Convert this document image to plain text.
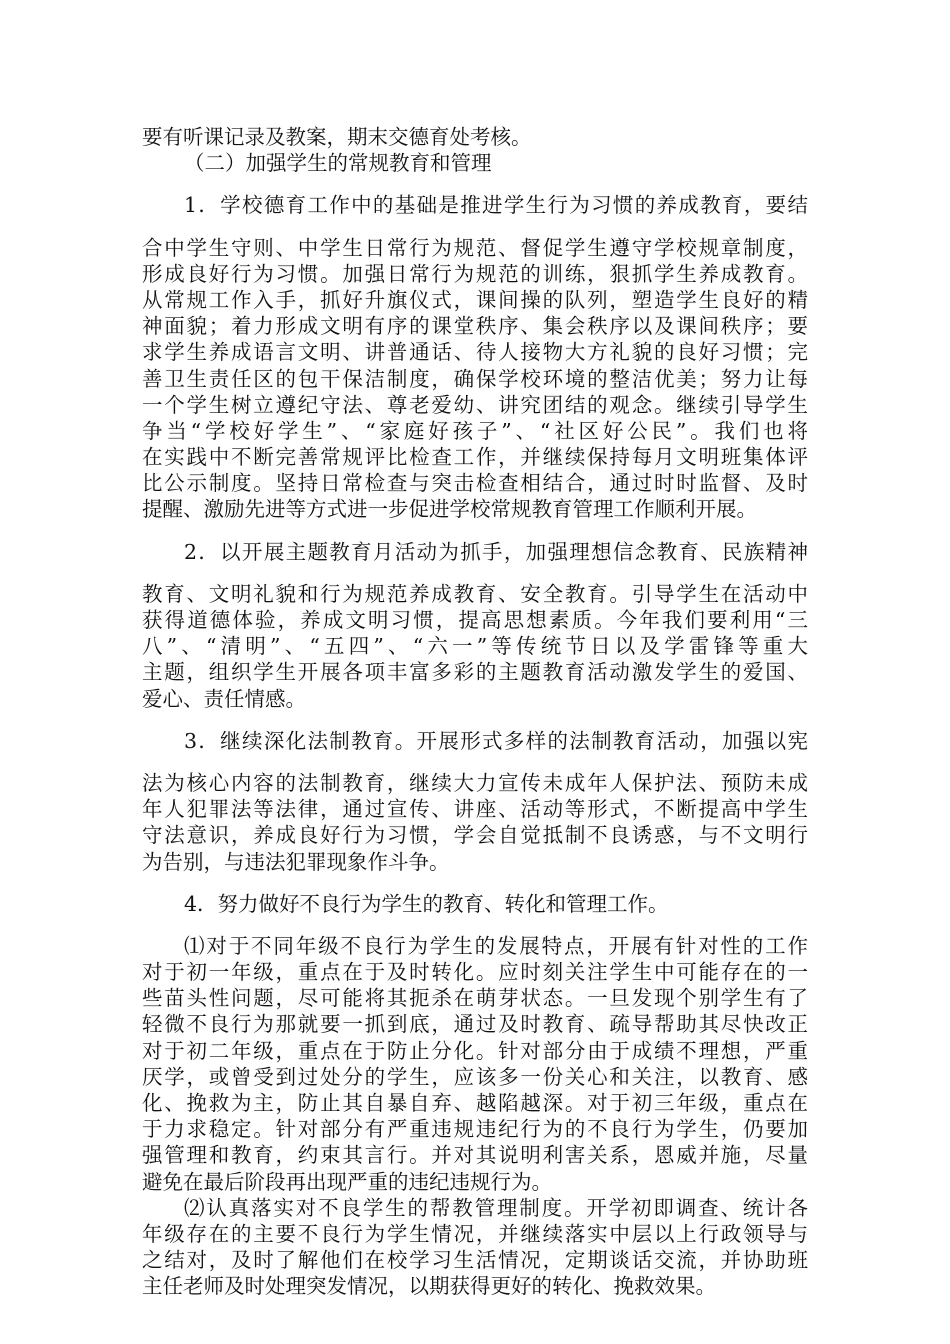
要有听课记录及教案，期末交德育处考核。
（二）加强学生的常规教育和管理
1．学校德育工作中的基础是推进学生行为习惯的养成教育，要结
合中学生守则、中学生日常行为规范、督促学生遵守学校规章制度，
形成良好行为习惯。加强日常行为规范的训练，狠抓学生养成教育。
从常规工作入手，抓好升旗仪式，课间操的队列，塑造学生良好的精
神面貌；着力形成文明有序的课堂秩序、集会秩序以及课间秩序；要
求学生养成语言文明、讲普通话、待人接物大方礼貌的良好习惯；完
善卫生责任区的包干保洁制度，确保学校环境的整洁优美；努力让每
一个学生树立遵纪守法、尊老爱幼、讲究团结的观念。继续引导学生
争当“学校好学生”、“家庭好孩子”、“社区好公民”。我们也将
在实践中不断完善常规评比检查工作，并继续保持每月文明班集体评
比公示制度。坚持日常检查与突击检查相结合，通过时时监督、及时
提醒、激励先进等方式进一步促进学校常规教育管理工作顺利开展。
2．以开展主题教育月活动为抓手，加强理想信念教育、民族精神
教育、文明礼貌和行为规范养成教育、安全教育。引导学生在活动中
获得道德体验，养成文明习惯，提高思想素质。今年我们要利用“三
八”、“清明”、“五四”、“六一”等传统节日以及学雷锋等重大
主题，组织学生开展各项丰富多彩的主题教育活动激发学生的爱国、
爱心、责任情感。
3．继续深化法制教育。开展形式多样的法制教育活动，加强以宪
法为核心内容的法制教育，继续大力宣传未成年人保护法、预防未成
年人犯罪法等法律，通过宣传、讲座、活动等形式，不断提高中学生
守法意识，养成良好行为习惯，学会自觉抵制不良诱惑，与不文明行
为告别，与违法犯罪现象作斗争。
4．努力做好不良行为学生的教育、转化和管理工作。
⑴对于不同年级不良行为学生的发展特点，开展有针对性的工作
对于初一年级，重点在于及时转化。应时刻关注学生中可能存在的一
些苗头性问题，尽可能将其扼杀在萌芽状态。一旦发现个别学生有了
轻微不良行为那就要一抓到底，通过及时教育、疏导帮助其尽快改正
对于初二年级，重点在于防止分化。针对部分由于成绩不理想，严重
厌学，或曾受到过处分的学生，应该多一份关心和关注，以教育、感
化、挽救为主，防止其自暴自弃、越陷越深。对于初三年级，重点在
于力求稳定。针对部分有严重违规违纪行为的不良行为学生，仍要加
强管理和教育，约束其言行。并对其说明利害关系，恩威并施，尽量
避免在最后阶段再出现严重的违纪违规行为。
⑵认真落实对不良学生的帮教管理制度。开学初即调查、统计各
年级存在的主要不良行为学生情况，并继续落实中层以上行政领导与
之结对，及时了解他们在校学习生活情况，定期谈话交流，并协助班
主任老师及时处理突发情况，以期获得更好的转化、挽救效果。
